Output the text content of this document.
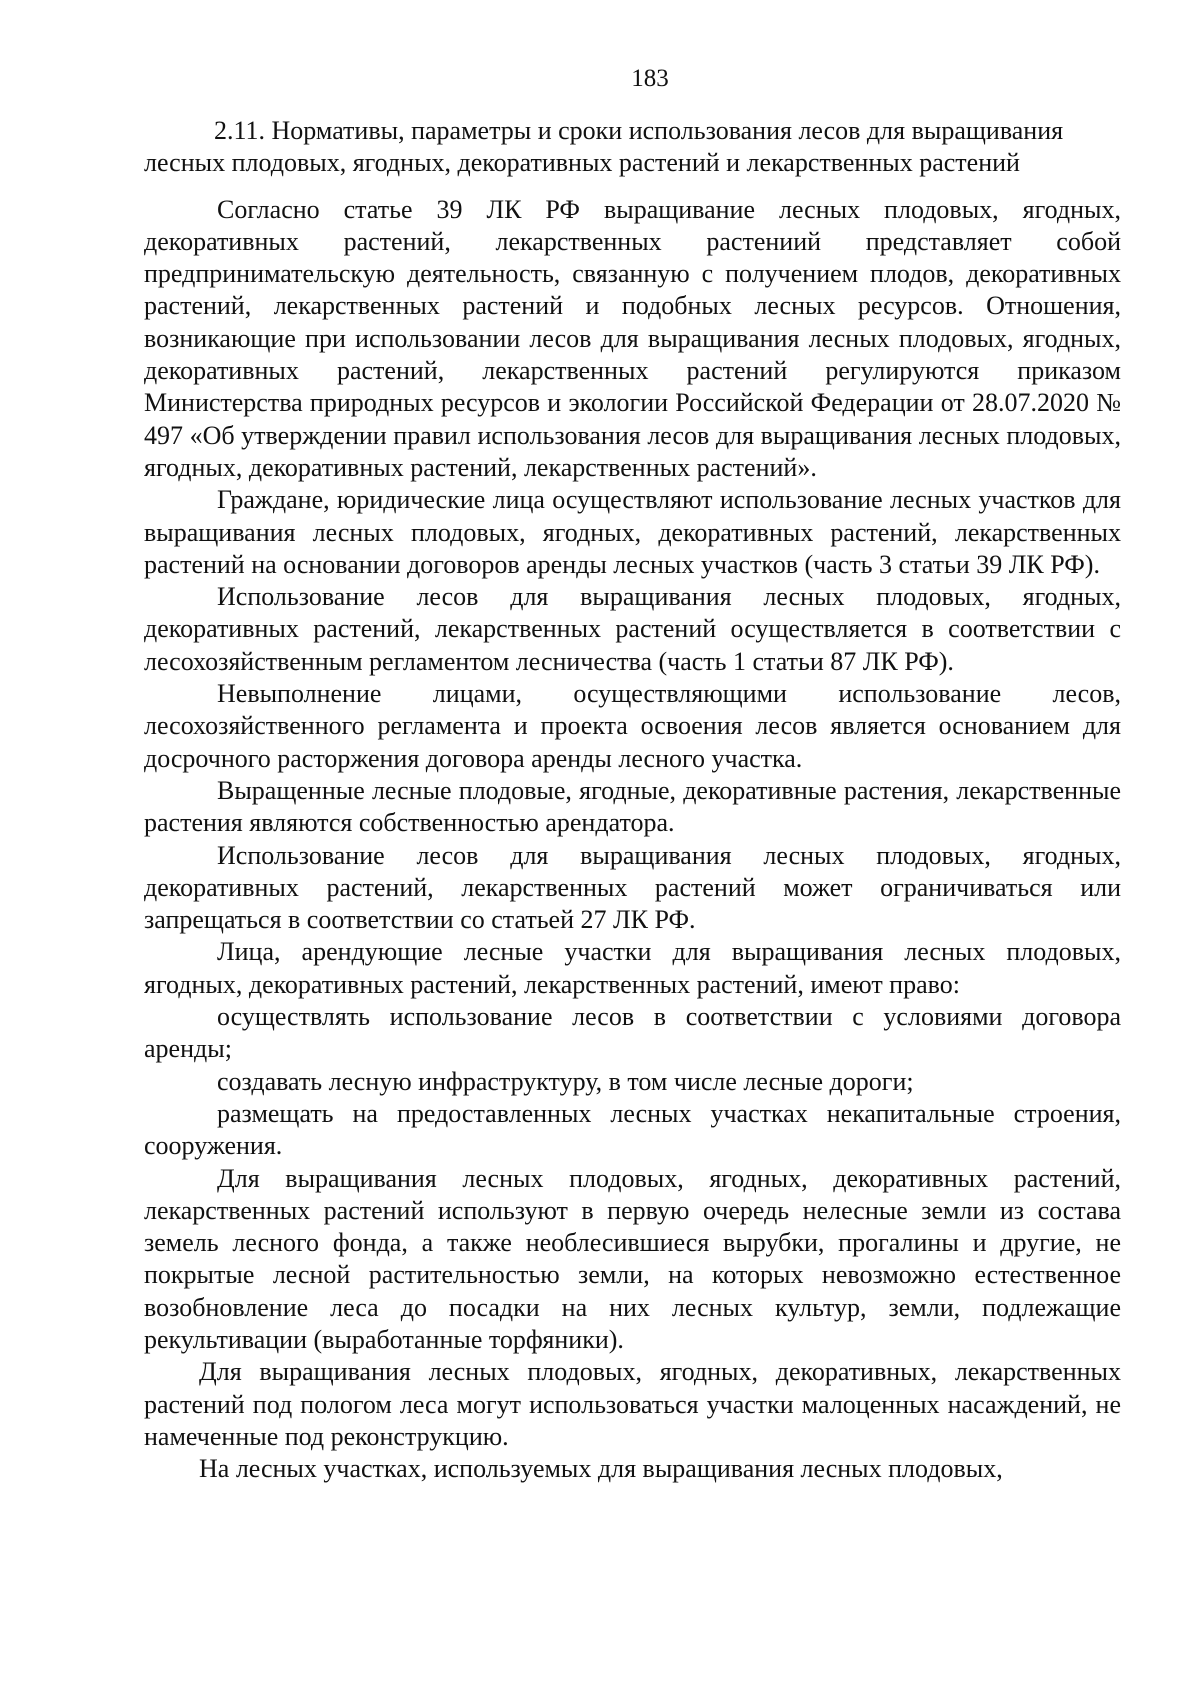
183
2.11. Нормативы, параметры и сроки использования лесов для выращивания
лесных плодовых, ягодных, декоративных растений и лекарственных растений

Согласно статье 39 ЛК РФ выращивание лесных плодовых, ягодных, декоративных растений, лекарственных растениий представляет собой предпринимательскую деятельность, связанную с получением плодов, декоративных растений, лекарственных растений и подобных лесных ресурсов. Отношения, возникающие при использовании лесов для выращивания лесных плодовых, ягодных, декоративных растений, лекарственных растений регулируются приказом Министерства природных ресурсов и экологии Российской Федерации от 28.07.2020 № 497 «Об утверждении правил использования лесов для выращивания лесных плодовых, ягодных, декоративных растений, лекарственных растений».

Граждане, юридические лица осуществляют использование лесных участков для выращивания лесных плодовых, ягодных, декоративных растений, лекарственных растений на основании договоров аренды лесных участков (часть 3 статьи 39 ЛК РФ).

Использование лесов для выращивания лесных плодовых, ягодных, декоративных растений, лекарственных растений осуществляется в соответствии с лесохозяйственным регламентом лесничества (часть 1 статьи 87 ЛК РФ).

Невыполнение лицами, осуществляющими использование лесов, лесохозяйственного регламента и проекта освоения лесов является основанием для досрочного расторжения договора аренды лесного участка.

Выращенные лесные плодовые, ягодные, декоративные растения, лекарственные растения являются собственностью арендатора.

Использование лесов для выращивания лесных плодовых, ягодных, декоративных растений, лекарственных растений может ограничиваться или запрещаться в соответствии со статьей 27 ЛК РФ.

Лица, арендующие лесные участки для выращивания лесных плодовых, ягодных, декоративных растений, лекарственных растений, имеют право:

осуществлять использование лесов в соответствии с условиями договора аренды;

создавать лесную инфраструктуру, в том числе лесные дороги;

размещать на предоставленных лесных участках некапитальные строения, сооружения.

Для выращивания лесных плодовых, ягодных, декоративных растений, лекарственных растений используют в первую очередь нелесные земли из состава земель лесного фонда, а также необлесившиеся вырубки, прогалины и другие, не покрытые лесной растительностью земли, на которых невозможно естественное возобновление леса до посадки на них лесных культур, земли, подлежащие рекультивации (выработанные торфяники).

Для выращивания лесных плодовых, ягодных, декоративных, лекарственных растений под пологом леса могут использоваться участки малоценных насаждений, не намеченные под реконструкцию.

На лесных участках, используемых для выращивания лесных плодовых,
